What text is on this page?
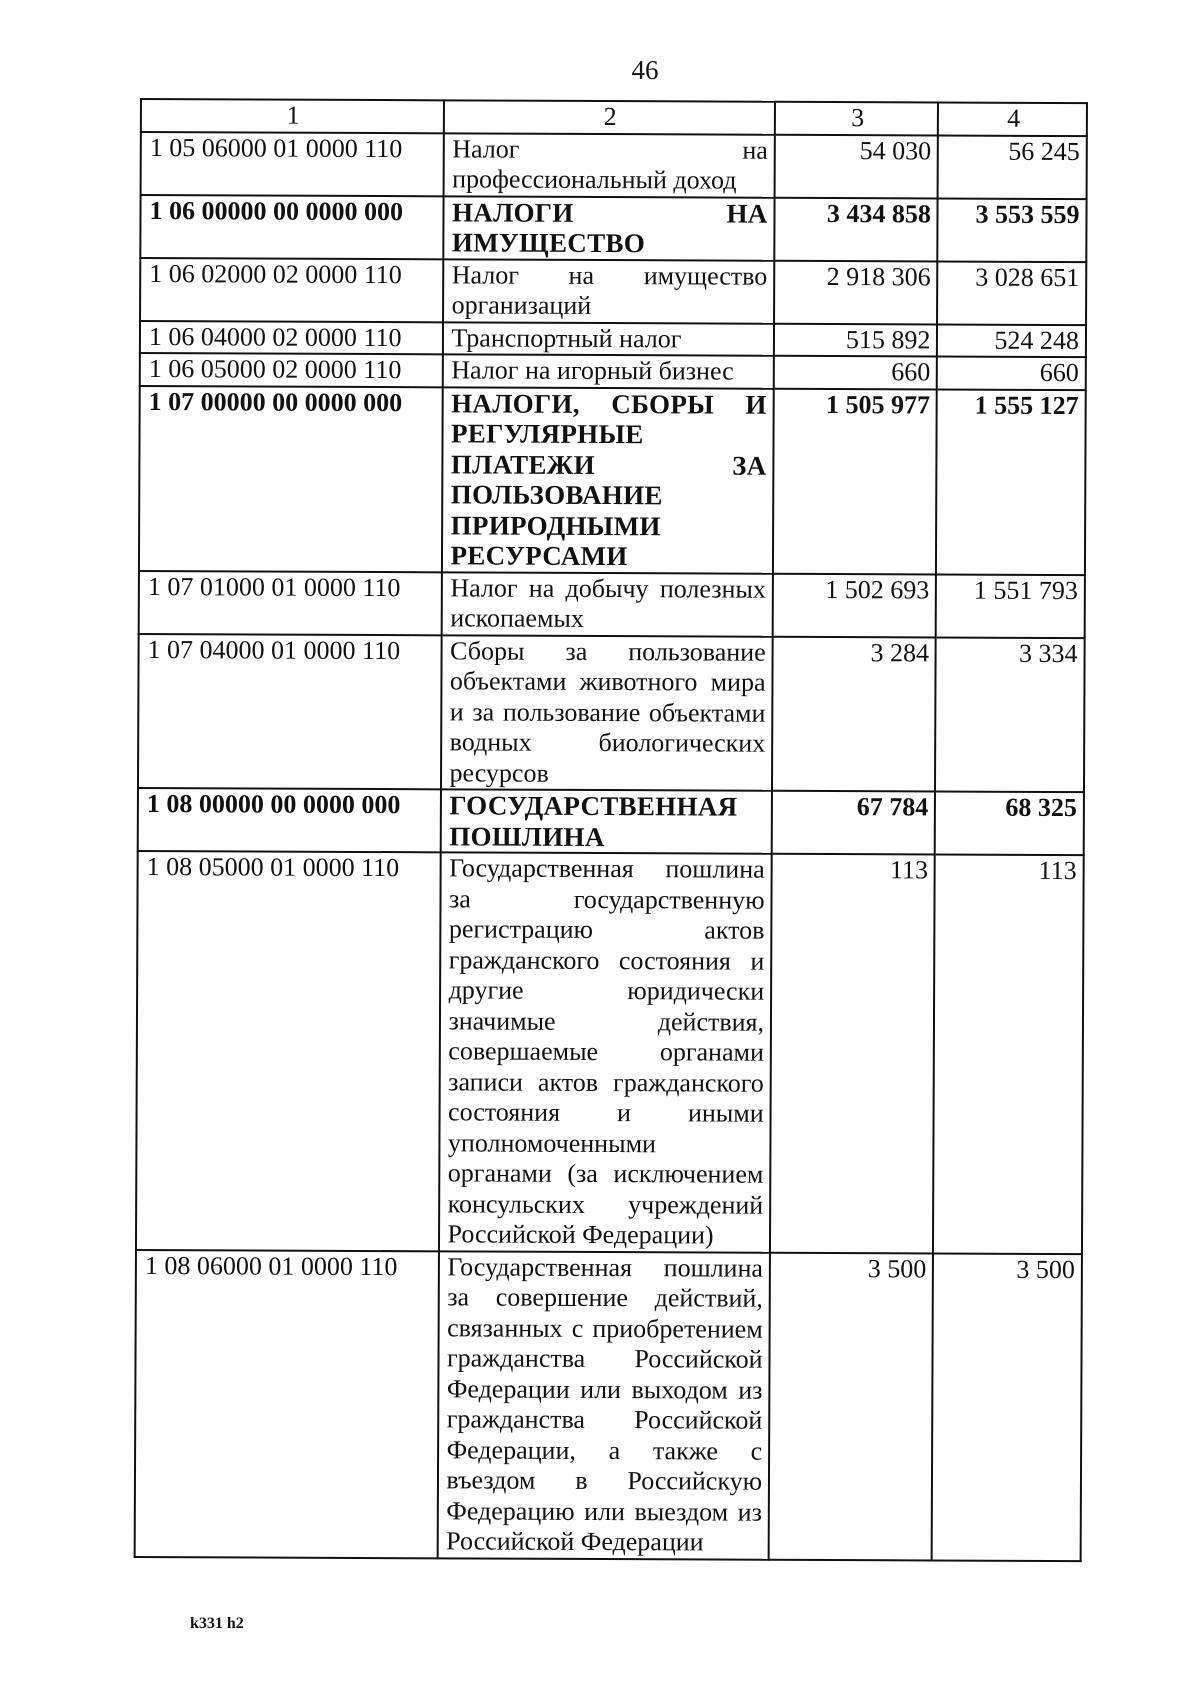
46
1	2	3	4
1 05 06000 01 0000 110	Налог на профессиональный доход	54 030	56 245
1 06 00000 00 0000 000	НАЛОГИ НА ИМУЩЕСТВО	3 434 858	3 553 559
1 06 02000 02 0000 110	Налог на имущество организаций	2 918 306	3 028 651
1 06 04000 02 0000 110	Транспортный налог	515 892	524 248
1 06 05000 02 0000 110	Налог на игорный бизнес	660	660
1 07 00000 00 0000 000	НАЛОГИ, СБОРЫ И РЕГУЛЯРНЫЕ ПЛАТЕЖИ ЗА ПОЛЬЗОВАНИЕ ПРИРОДНЫМИ РЕСУРСАМИ	1 505 977	1 555 127
1 07 01000 01 0000 110	Налог на добычу полезных ископаемых	1 502 693	1 551 793
1 07 04000 01 0000 110	Сборы за пользование объектами животного мира и за пользование объектами водных биологических ресурсов	3 284	3 334
1 08 00000 00 0000 000	ГОСУДАРСТВЕННАЯ ПОШЛИНА	67 784	68 325
1 08 05000 01 0000 110	Государственная пошлина за государственную регистрацию актов гражданского состояния и другие юридически значимые действия, совершаемые органами записи актов гражданского состояния и иными уполномоченными органами (за исключением консульских учреждений Российской Федерации)	113	113
1 08 06000 01 0000 110	Государственная пошлина за совершение действий, связанных с приобретением гражданства Российской Федерации или выходом из гражданства Российской Федерации, а также с въездом в Российскую Федерацию или выездом из Российской Федерации	3 500	3 500
k331 h2
